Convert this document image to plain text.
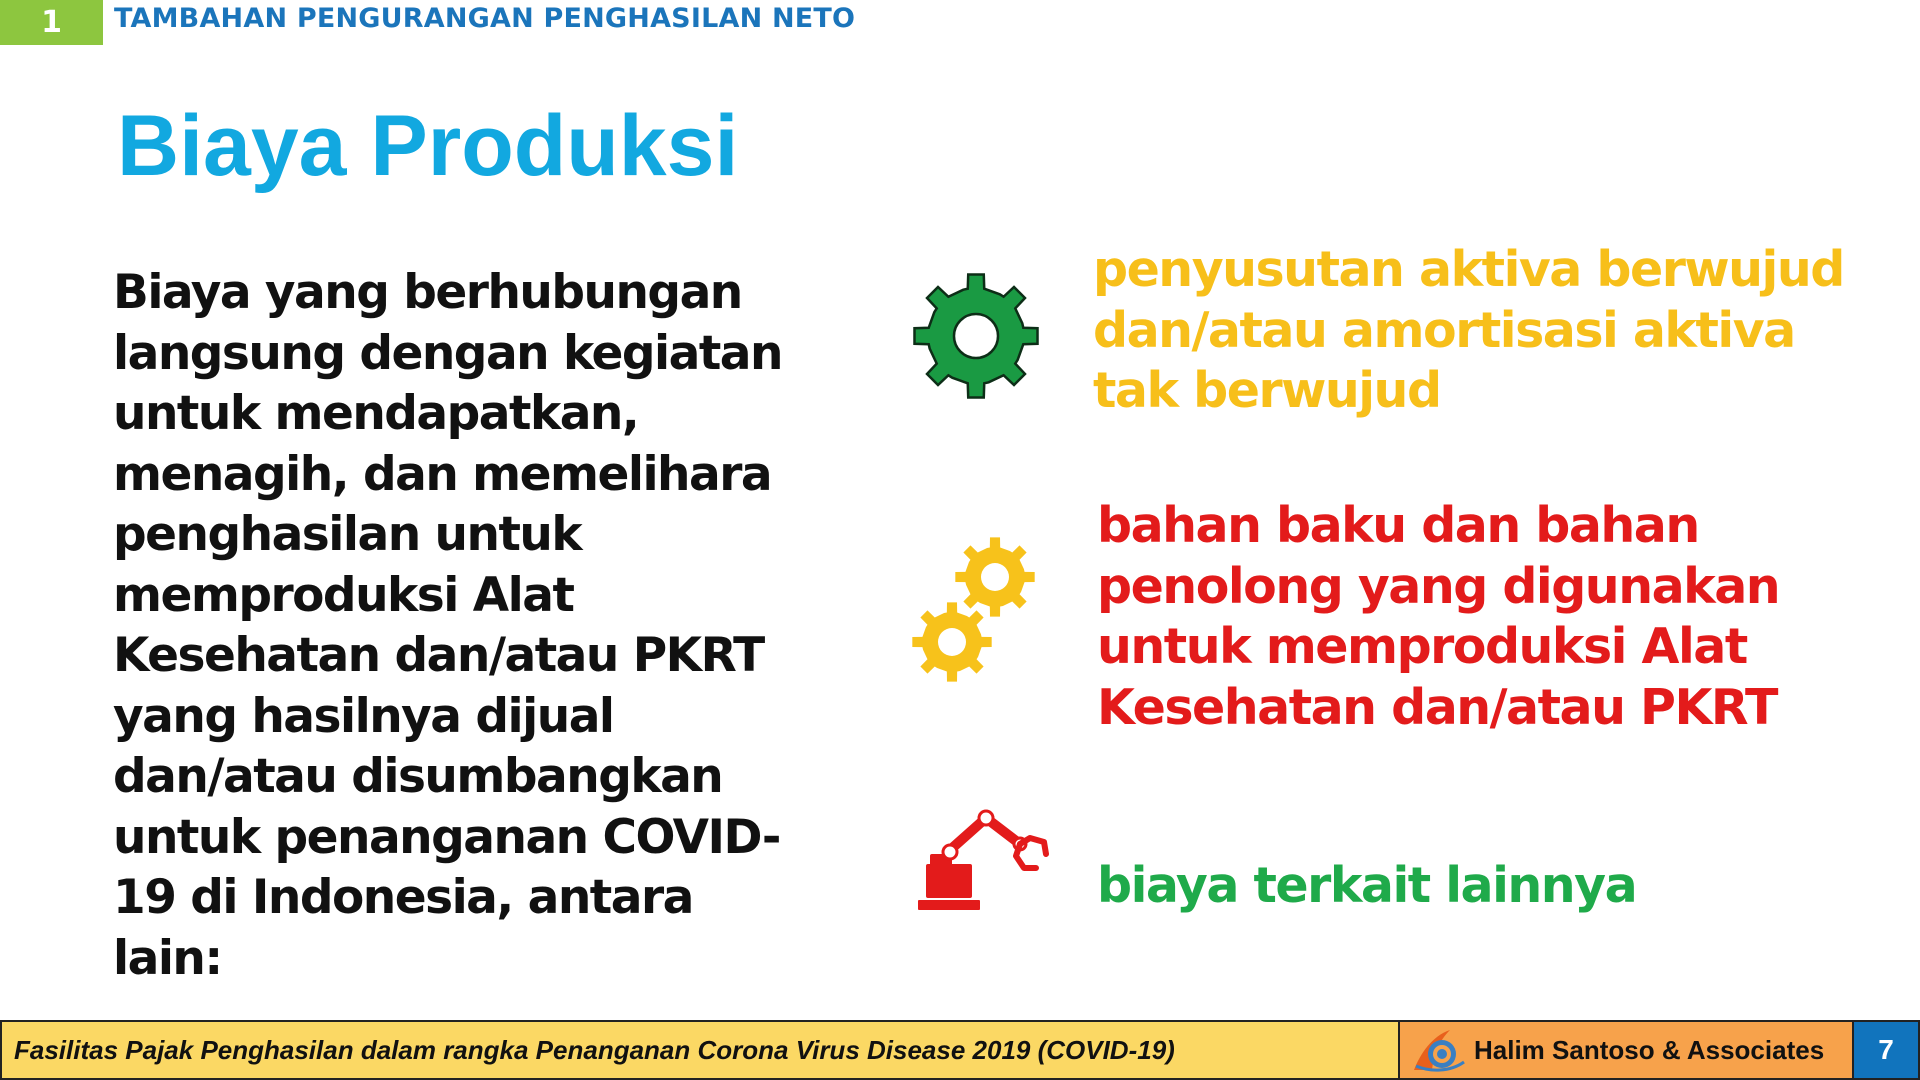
1	TAMBAHAN PENGURANGAN PENGHASILAN NETO
Biaya Produksi
Biaya yang berhubungan langsung dengan kegiatan untuk mendapatkan, menagih, dan memelihara penghasilan untuk memproduksi Alat Kesehatan dan/atau PKRT yang hasilnya dijual dan/atau disumbangkan untuk penanganan COVID-19 di Indonesia, antara lain:
penyusutan aktiva berwujud dan/atau amortisasi aktiva tak berwujud
bahan baku dan bahan penolong yang digunakan untuk memproduksi Alat Kesehatan dan/atau PKRT
biaya terkait lainnya
Fasilitas Pajak Penghasilan dalam rangka Penanganan Corona Virus Disease 2019 (COVID-19)	Halim Santoso & Associates	7
